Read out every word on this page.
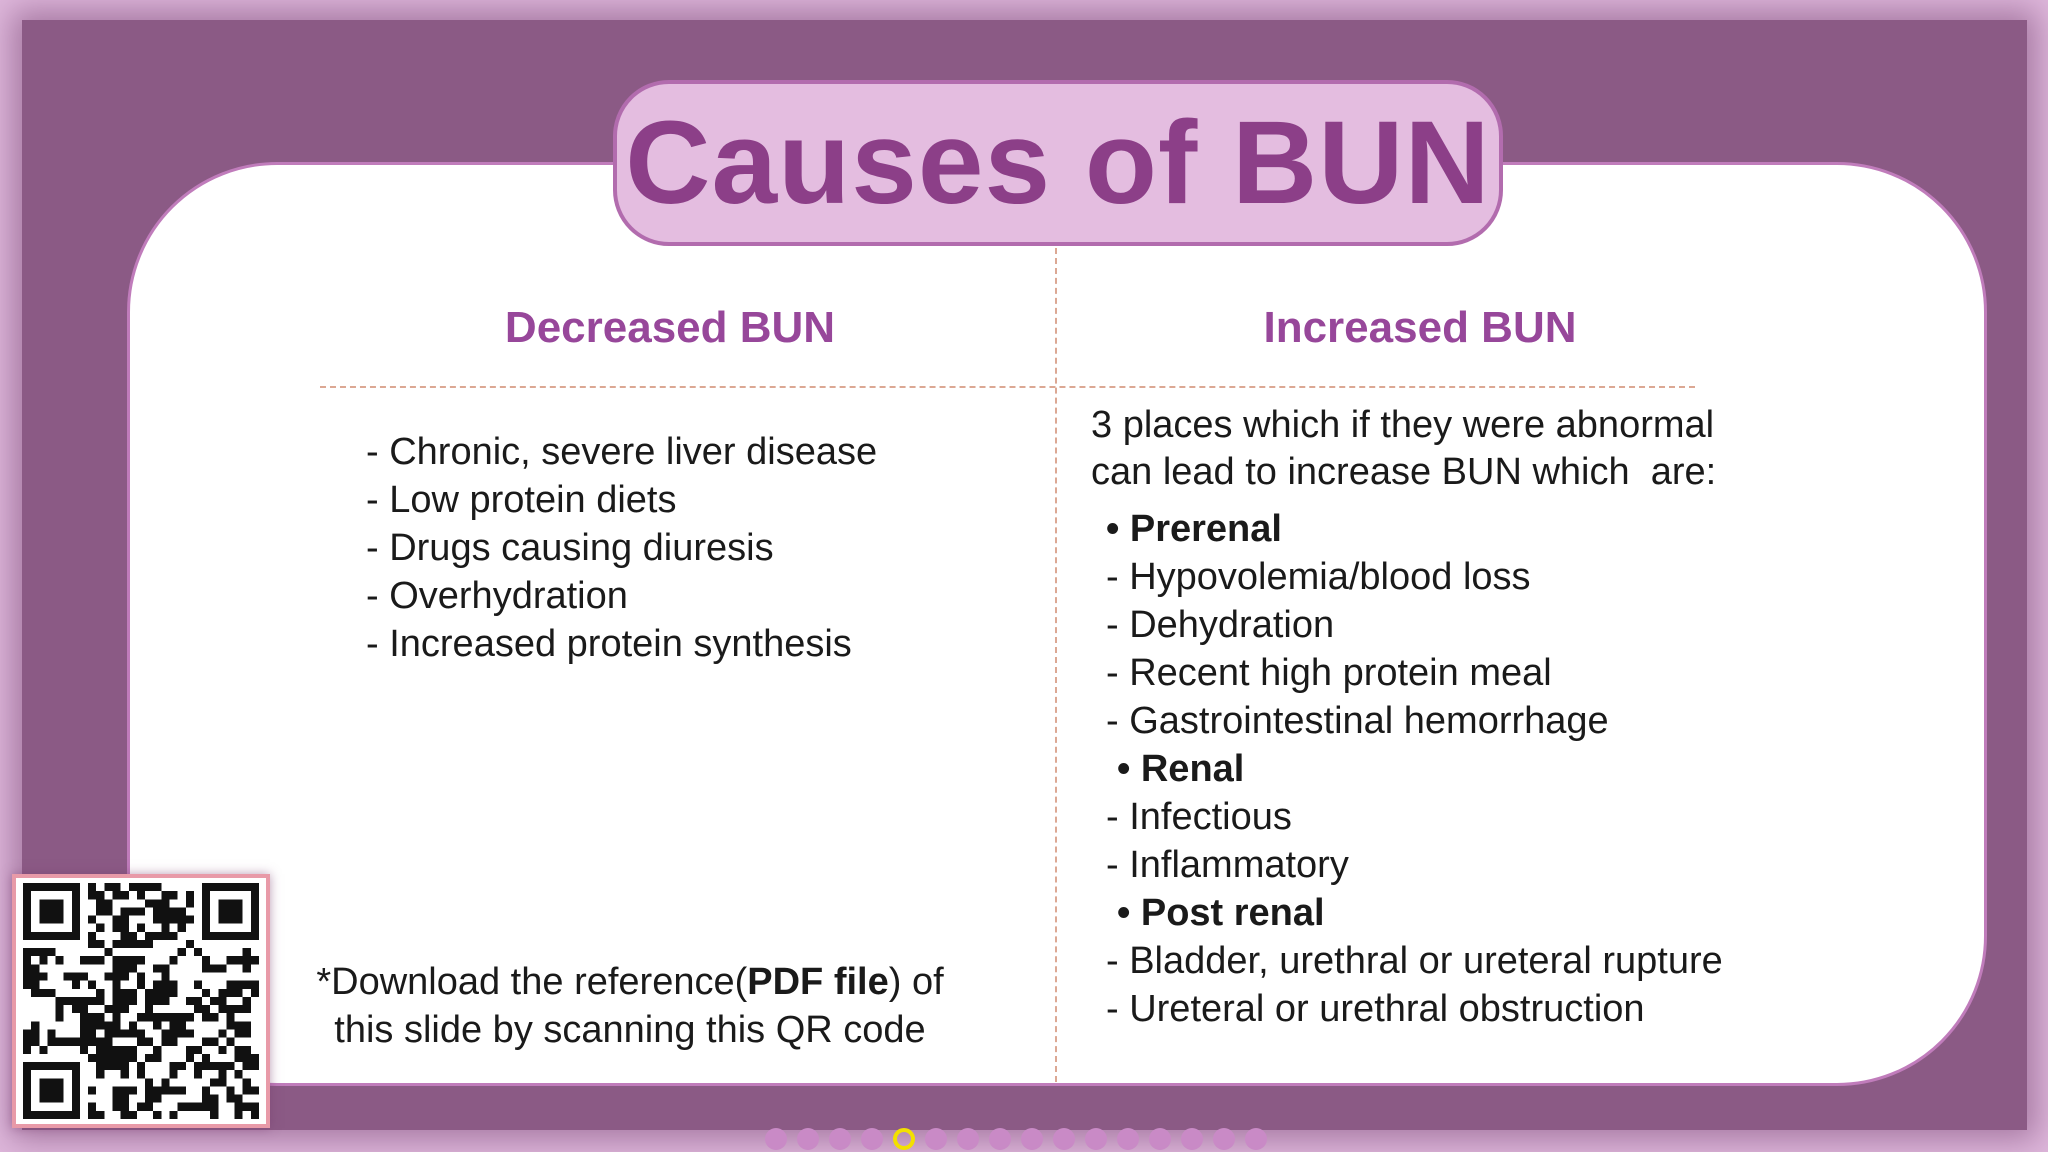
Causes of BUN
Decreased BUN	Increased BUN
- Chronic, severe liver disease
- Low protein diets
- Drugs causing diuresis
- Overhydration
- Increased protein synthesis
3 places which if they were abnormal
can lead to increase BUN which  are:
• Prerenal
- Hypovolemia/blood loss
- Dehydration
- Recent high protein meal
- Gastrointestinal hemorrhage
• Renal
- Infectious
- Inflammatory
• Post renal
- Bladder, urethral or ureteral rupture
- Ureteral or urethral obstruction
*Download the reference(PDF file) of
this slide by scanning this QR code
